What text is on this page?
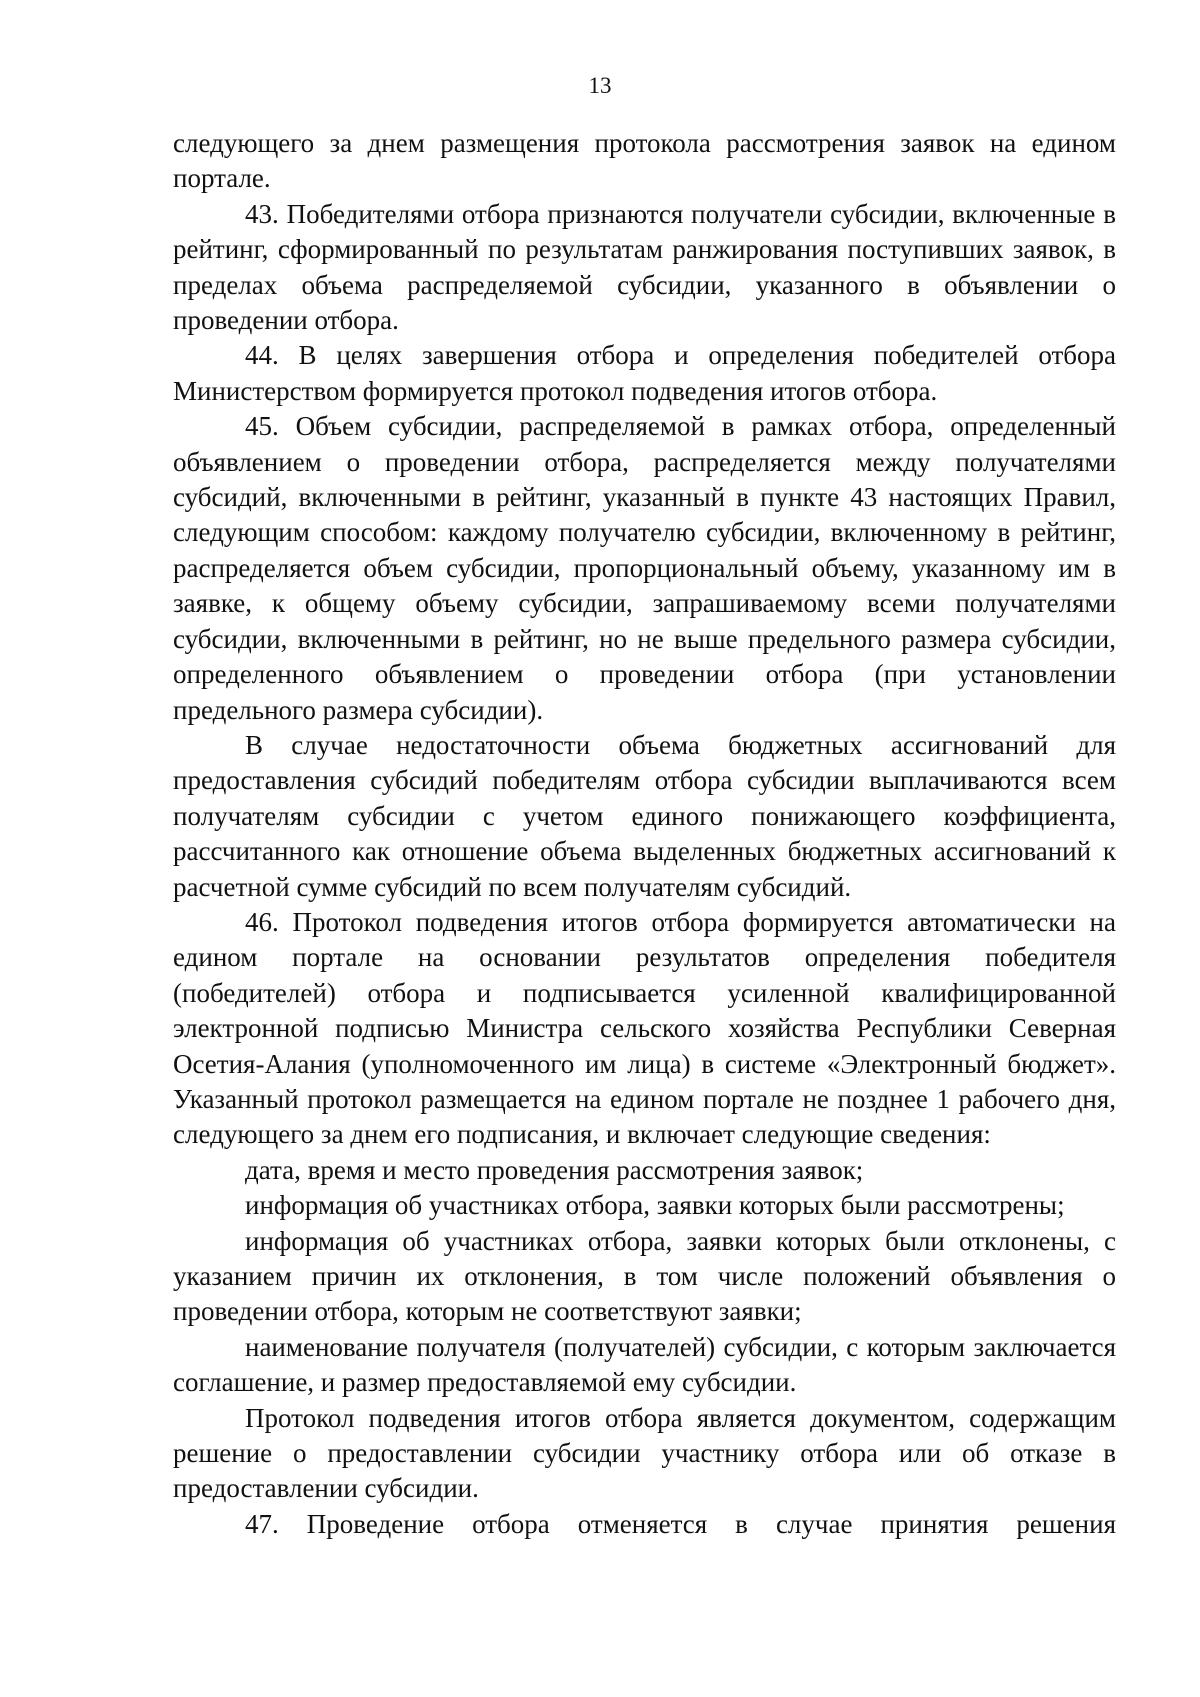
13

следующего за днем размещения протокола рассмотрения заявок на едином портале.

43. Победителями отбора признаются получатели субсидии, включенные в рейтинг, сформированный по результатам ранжирования поступивших заявок, в пределах объема распределяемой субсидии, указанного в объявлении о проведении отбора.

44. В целях завершения отбора и определения победителей отбора Министерством формируется протокол подведения итогов отбора.

45. Объем субсидии, распределяемой в рамках отбора, определенный объявлением о проведении отбора, распределяется между получателями субсидий, включенными в рейтинг, указанный в пункте 43 настоящих Правил, следующим способом: каждому получателю субсидии, включенному в рейтинг, распределяется объем субсидии, пропорциональный объему, указанному им в заявке, к общему объему субсидии, запрашиваемому всеми получателями субсидии, включенными в рейтинг, но не выше предельного размера субсидии, определенного объявлением о проведении отбора (при установлении предельного размера субсидии).

В случае недостаточности объема бюджетных ассигнований для предоставления субсидий победителям отбора субсидии выплачиваются всем получателям субсидии с учетом единого понижающего коэффициента, рассчитанного как отношение объема выделенных бюджетных ассигнований к расчетной сумме субсидий по всем получателям субсидий.

46. Протокол подведения итогов отбора формируется автоматически на едином портале на основании результатов определения победителя (победителей) отбора и подписывается усиленной квалифицированной электронной подписью Министра сельского хозяйства Республики Северная Осетия-Алания (уполномоченного им лица) в системе «Электронный бюджет». Указанный протокол размещается на едином портале не позднее 1 рабочего дня, следующего за днем его подписания, и включает следующие сведения:

дата, время и место проведения рассмотрения заявок;

информация об участниках отбора, заявки которых были рассмотрены;

информация об участниках отбора, заявки которых были отклонены, с указанием причин их отклонения, в том числе положений объявления о проведении отбора, которым не соответствуют заявки;

наименование получателя (получателей) субсидии, с которым заключается соглашение, и размер предоставляемой ему субсидии.

Протокол подведения итогов отбора является документом, содержащим решение о предоставлении субсидии участнику отбора или об отказе в предоставлении субсидии.

47. Проведение отбора отменяется в случае принятия решения
